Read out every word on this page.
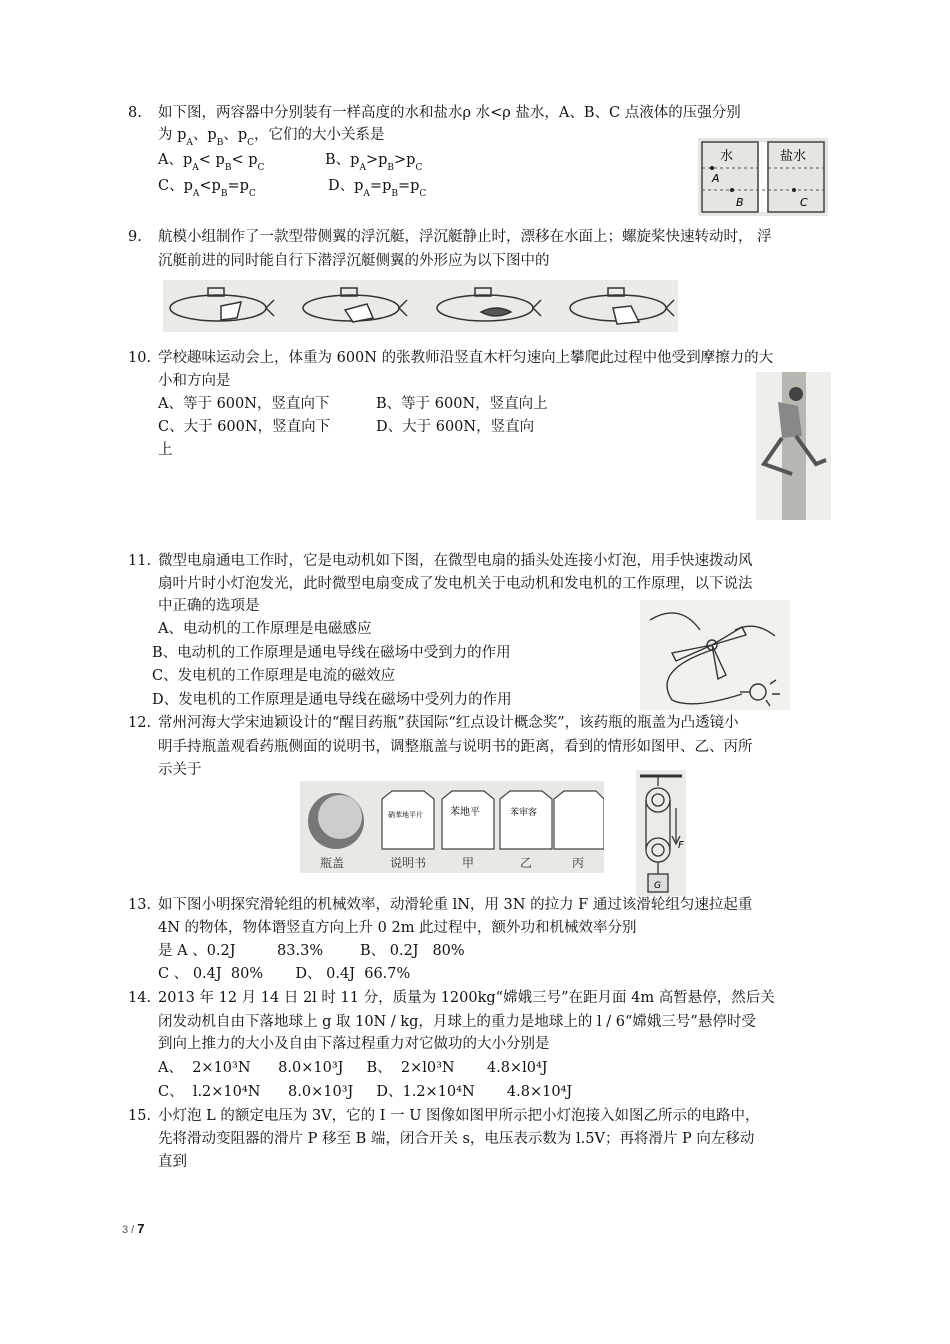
8. 如下图，两容器中分别装有一样高度的水和盐水ρ 水<ρ 盐水，A、B、C 点液体的压强分别
为 $p_A$、$p_B$、$p_C$，它们的大小关系是
A、$p_A< p_B< p_C$	B、$p_A>p_B>p_C$
C、$p_A<p_B=p_C$	D、$p_A=p_B=p_C$
水	盐水
A
B	C
9. 航模小组制作了一款型带侧翼的浮沉艇，浮沉艇静止时，漂移在水面上；螺旋桨快速转动时， 浮
沉艇前进的同时能自行下潜浮沉艇侧翼的外形应为以下图中的
10. 学校趣味运动会上，体重为 600N 的张教师沿竖直木杆匀速向上攀爬此过程中他受到摩擦力的大
小和方向是
A、等于 600N，竖直向下	B、等于 600N，竖直向上
C、大于 600N，竖直向下	D、大于 600N，竖直向
上
11. 微型电扇通电工作时，它是电动机如下图，在微型电扇的插头处连接小灯泡，用手快速拨动风
扇叶片时小灯泡发光，此时微型电扇变成了发电机关于电动机和发电机的工作原理，以下说法
中正确的选项是
A、电动机的工作原理是电磁感应
B、电动机的工作原理是通电导线在磁场中受到力的作用
C、发电机的工作原理是电流的磁效应
D、发电机的工作原理是通电导线在磁场中受列力的作用
12. 常州河海大学宋迪颖设计的“醒目药瓶”获国际“红点设计概念奖”，该药瓶的瓶盖为凸透镜小
明手持瓶盖观看药瓶侧面的说明书，调整瓶盖与说明书的距离，看到的情形如图甲、乙、丙所
示关于
硝苯地平片	苯地平	苯审客
瓶盖	说明书	甲	乙	丙
F
G
13. 如下图小明探究滑轮组的机械效率，动滑轮重 lN，用 3N 的拉力 F 通过该滑轮组匀速拉起重
4N 的物体，物体谮竖直方向上升 0 2m 此过程中，额外功和机械效率分别
是 A 、0.2J         83.3%        B、 0.2J   80%
C 、 0.4J  80%       D、 0.4J  66.7%
14. 2013 年 12 月 14 日 2l 时 11 分，质量为 1200kg“嫦娥三号”在距月面 4m 高暂悬停，然后关
闭发动机自由下落地球上 g 取 10N / kg，月球上的重力是地球上的 l / 6“嫦娥三号”悬停时受
到向上推力的大小及自由下落过程重力对它做功的大小分别是
A、  2×10³N      8.0×10³J     B、  2×l0³N       4.8×l0⁴J
C、  l.2×10⁴N      8.0×10³J     D、1.2×10⁴N       4.8×10⁴J
15. 小灯泡 L 的额定电压为 3V，它的 I 一 U 图像如图甲所示把小灯泡接入如图乙所示的电路中，
先将滑动变阻器的滑片 P 移至 B 端，闭合开关 s，电压表示数为 l.5V；再将滑片 P 向左移动
直到
3 / 7
